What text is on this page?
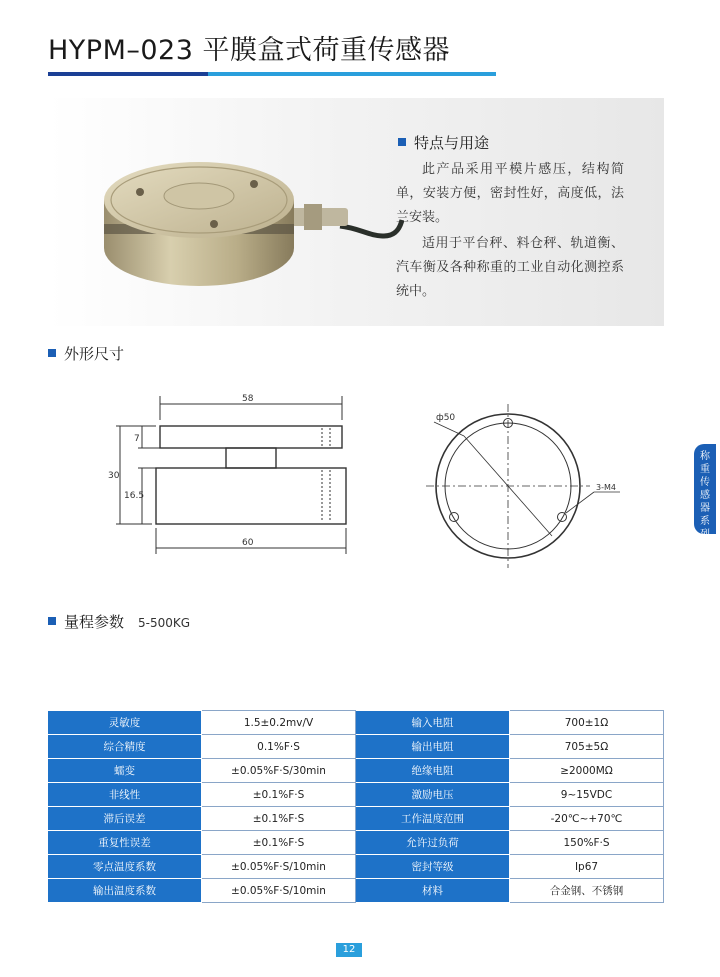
HYPM–023 平膜盒式荷重传感器
特点与用途

此产品采用平模片感压，结构简单，安装方便，密封性好，高度低，法兰安装。

适用于平台秤、料仓秤、轨道衡、汽车衡及各种称重的工业自动化测控系统中。

外形尺寸
58
60
7
30
16.5
ф50
3-M4
量程参数 5-500KG
称
重
传
感
器
系
列
灵敏度	1.5±0.2mv/V	输入电阻	700±1Ω
综合精度	0.1%F·S	输出电阻	705±5Ω
蠕变	±0.05%F·S/30min	绝缘电阻	≥2000MΩ
非线性	±0.1%F·S	激励电压	9~15VDC
滞后误差	±0.1%F·S	工作温度范围	-20℃~+70℃
重复性误差	±0.1%F·S	允许过负荷	150%F·S
零点温度系数	±0.05%F·S/10min	密封等级	Ip67
输出温度系数	±0.05%F·S/10min	材料	合金钢、不锈钢
12
